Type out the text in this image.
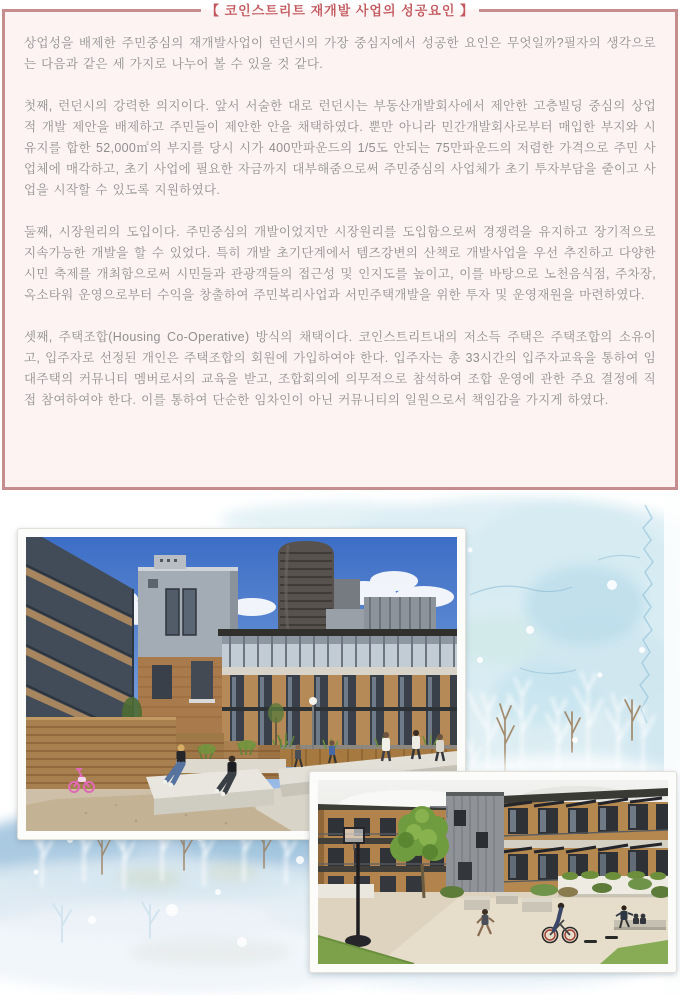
【 코인스트리트 재개발 사업의 성공요인 】

상업성을 배제한 주민중심의 재개발사업이 런던시의 가장 중심지에서 성공한 요인은 무엇일까?필자의 생각으로는 다음과 같은 세 가지로 나누어 볼 수 있을 것 같다.

첫째, 런던시의 강력한 의지이다. 앞서 서술한 대로 런던시는 부동산개발회사에서 제안한 고층빌딩 중심의 상업적 개발 제안을 배제하고 주민들이 제안한 안을 채택하였다. 뿐만 아니라 민간개발회사로부터 매입한 부지와 시유지를 합한 52,000㎡의 부지를 당시 시가 400만파운드의 1/5도 안되는 75만파운드의 저렴한 가격으로 주민 사업체에 매각하고, 초기 사업에 필요한 자금까지 대부해줌으로써 주민중심의 사업체가 초기 투자부담을 줄이고 사업을 시작할 수 있도록 지원하였다.

둘째, 시장원리의 도입이다. 주민중심의 개발이었지만 시장원리를 도입함으로써 경쟁력을 유지하고 장기적으로 지속가능한 개발을 할 수 있었다. 특히 개발 초기단계에서 템즈강변의 산책로 개발사업을 우선 추진하고 다양한 시민 축제를 개최함으로써 시민들과 관광객들의 접근성 및 인지도를 높이고, 이를 바탕으로 노천음식점, 주차장, 옥소타워 운영으로부터 수익을 창출하여 주민복리사업과 서민주택개발을 위한 투자 및 운영재원을 마련하였다.

셋째, 주택조합(Housing Co-Operative) 방식의 채택이다. 코인스트리트내의 저소득 주택은 주택조합의 소유이고, 입주자로 선정된 개인은 주택조합의 회원에 가입하여야 한다. 입주자는 총 33시간의 입주자교육을 통하여 임대주택의 커뮤니티 멤버로서의 교육을 받고, 조합회의에 의무적으로 참석하여 조합 운영에 관한 주요 결정에 직접 참여하여야 한다. 이를 통하여 단순한 임차인이 아닌 커뮤니티의 일원으로서 책임감을 가지게 하였다.
